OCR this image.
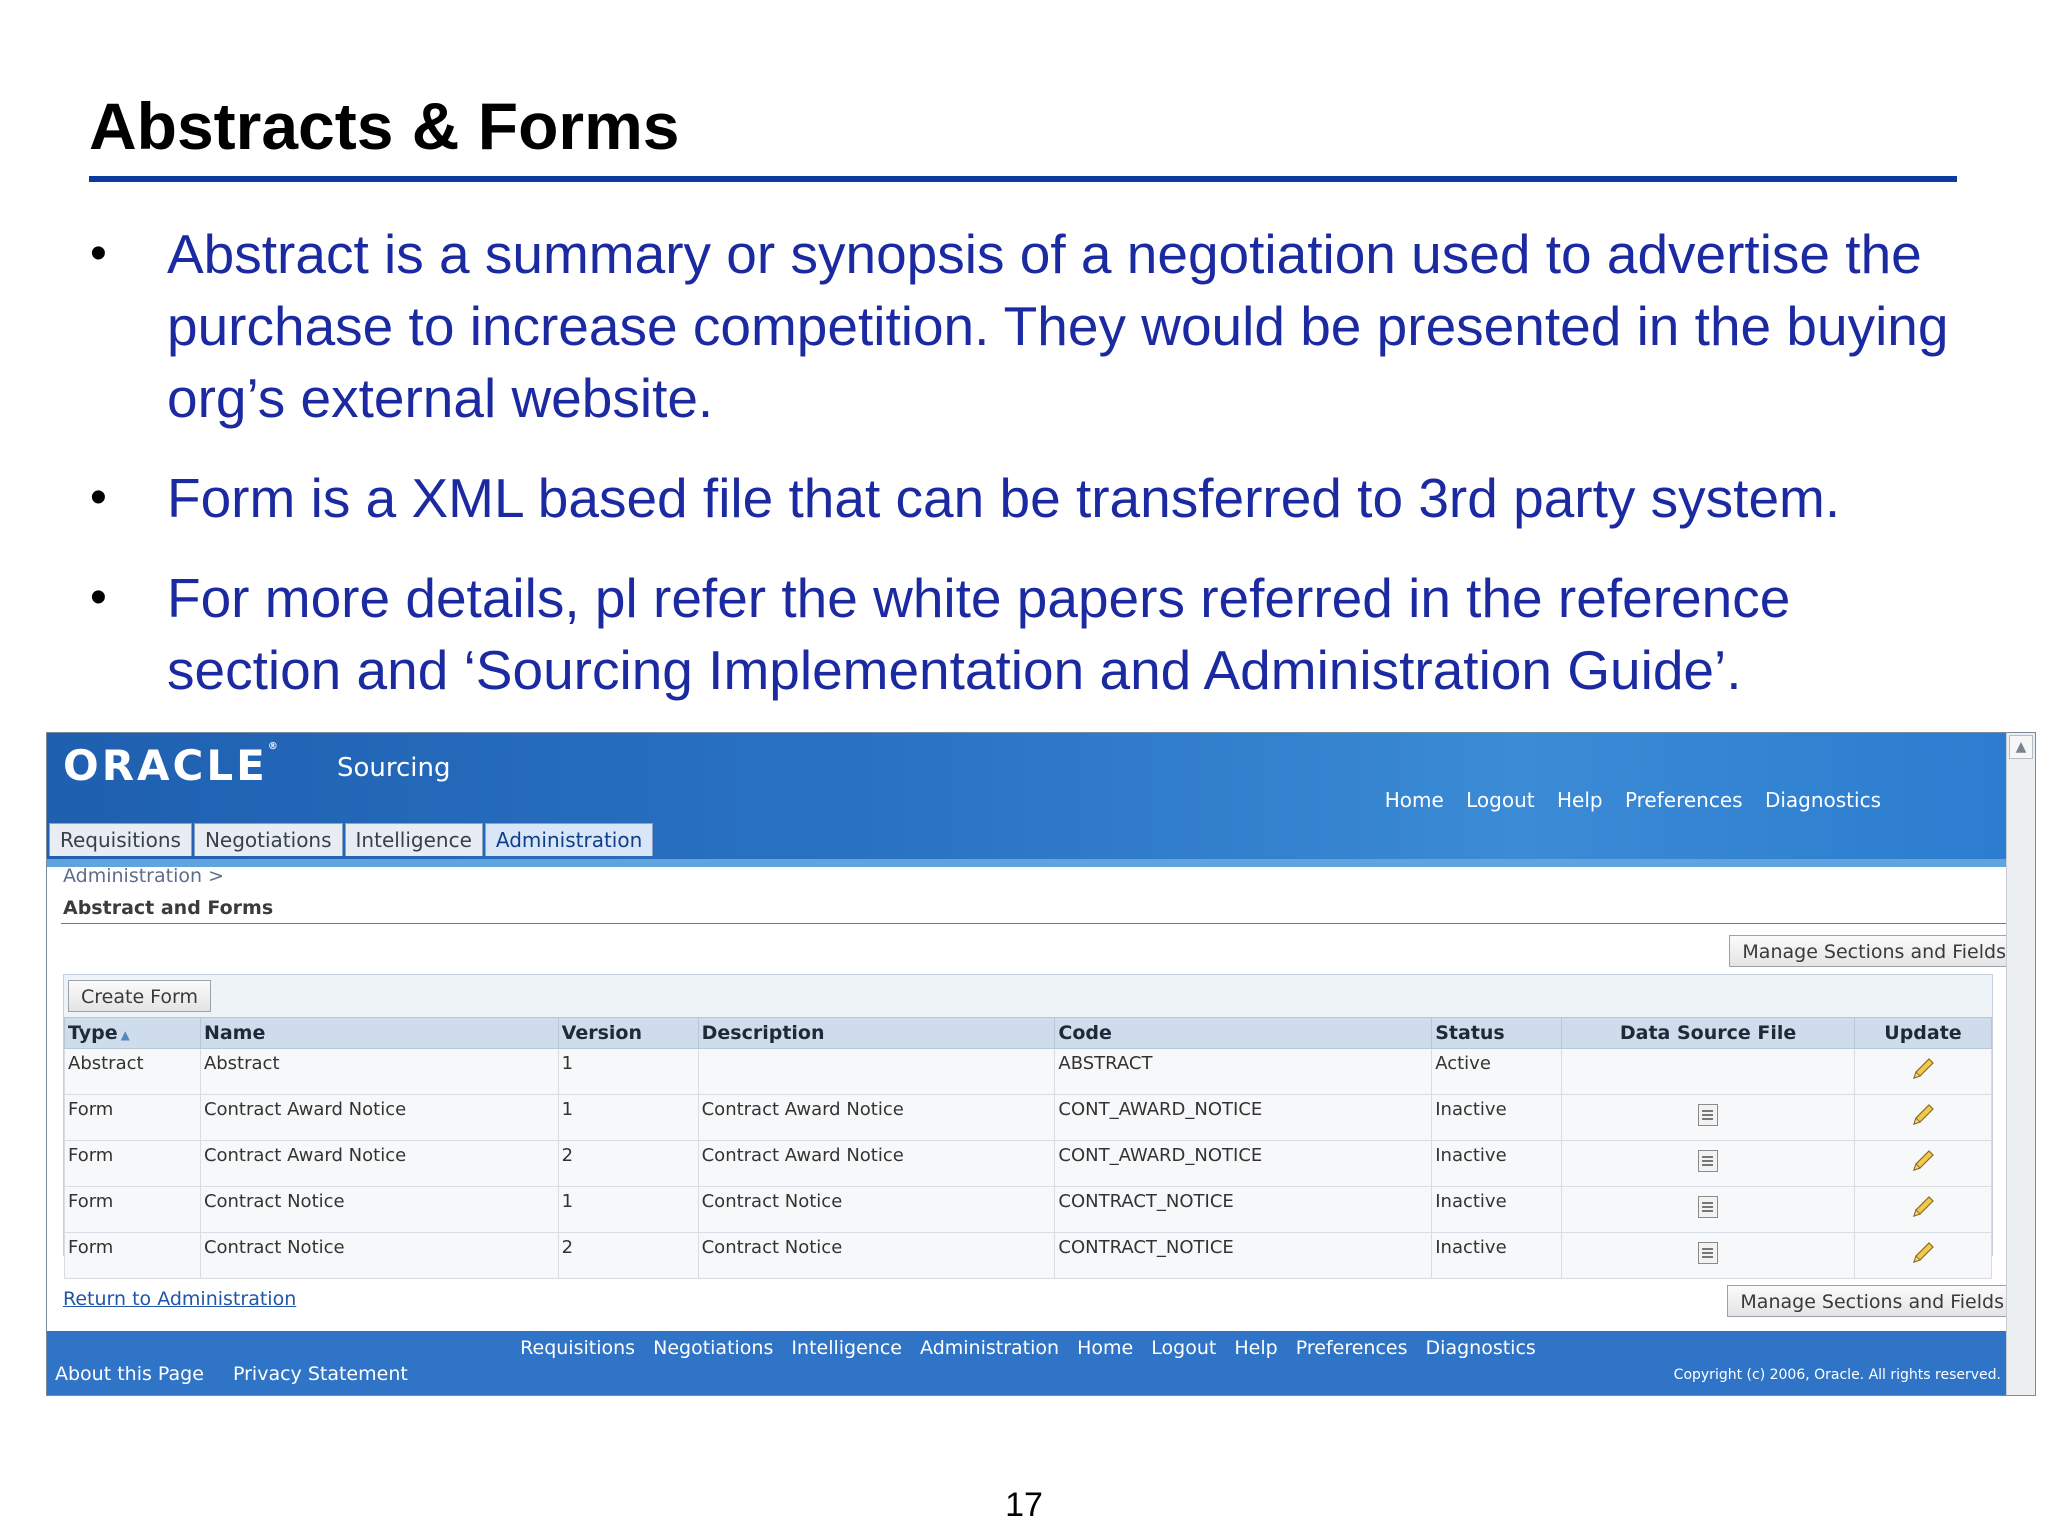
Abstracts & Forms

• Abstract is a summary or synopsis of a negotiation used to advertise the purchase to increase competition. They would be presented in the buying org’s external website.

• Form is a XML based file that can be transferred to 3rd party system.

• For more details, pl refer the white papers referred in the reference section and ‘Sourcing Implementation and Administration Guide’.

ORACLE®
Sourcing
Home Logout Help Preferences Diagnostics
Requisitions Negotiations Intelligence Administration
Administration >
Abstract and Forms
Manage Sections and Fields
Create Form
Type ▲	Name	Version	Description	Code	Status	Data Source File	Update
Abstract	Abstract	1		ABSTRACT	Active		
Form	Contract Award Notice	1	Contract Award Notice	CONT_AWARD_NOTICE	Inactive		
Form	Contract Award Notice	2	Contract Award Notice	CONT_AWARD_NOTICE	Inactive		
Form	Contract Notice	1	Contract Notice	CONTRACT_NOTICE	Inactive		
Form	Contract Notice	2	Contract Notice	CONTRACT_NOTICE	Inactive		
Return to Administration	Manage Sections and Fields
Requisitions Negotiations Intelligence Administration Home Logout Help Preferences Diagnostics
About this Page Privacy Statement	Copyright (c) 2006, Oracle. All rights reserved.
▲
17
